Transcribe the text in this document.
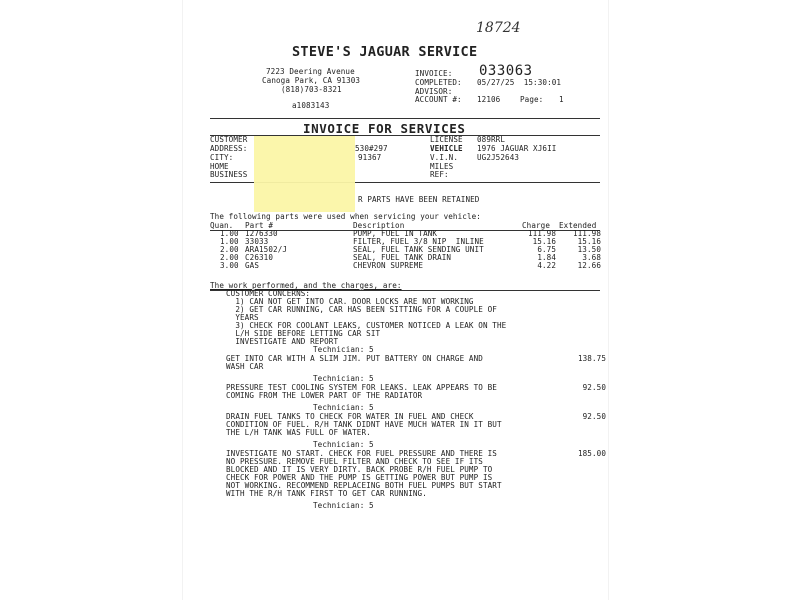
18724
STEVE'S JAGUAR SERVICE
7223 Deering Avenue
Canoga Park, CA 91303
(818)703-8321
a1083143
INVOICE: 033063
COMPLETED: 05/27/25  15:30:01
ADVISOR:
ACCOUNT #: 12106	Page: 1
INVOICE FOR SERVICES
CUSTOMER
ADDRESS:	530#297
CITY:	91367
HOME
BUSINESS
LICENSE 089RRL
VEHICLE 1976 JAGUAR XJ6II
V.I.N. UG2J52643
MILES
REF:
R PARTS HAVE BEEN RETAINED
The following parts were used when servicing your vehicle:
Quan. Part #	Description	Charge Extended
1.00 1276330	PUMP, FUEL IN TANK	111.98 111.98
1.00 33033	FILTER, FUEL 3/8 NIP  INLINE	15.16	15.16
2.00 ARA1502/J	SEAL, FUEL TANK SENDING UNIT	6.75	13.50
2.00 C26310	SEAL, FUEL TANK DRAIN	1.84	3.68
3.00 GAS	CHEVRON SUPREME	4.22	12.66
The work performed, and the charges, are:
CUSTOMER CONCERNS:
1) CAN NOT GET INTO CAR. DOOR LOCKS ARE NOT WORKING
2) GET CAR RUNNING, CAR HAS BEEN SITTING FOR A COUPLE OF
YEARS
3) CHECK FOR COOLANT LEAKS, CUSTOMER NOTICED A LEAK ON THE
L/H SIDE BEFORE LETTING CAR SIT
INVESTIGATE AND REPORT
Technician: 5
GET INTO CAR WITH A SLIM JIM. PUT BATTERY ON CHARGE AND	138.75
WASH CAR
Technician: 5
PRESSURE TEST COOLING SYSTEM FOR LEAKS. LEAK APPEARS TO BE	92.50
COMING FROM THE LOWER PART OF THE RADIATOR
Technician: 5
DRAIN FUEL TANKS TO CHECK FOR WATER IN FUEL AND CHECK	92.50
CONDITION OF FUEL. R/H TANK DIDNT HAVE MUCH WATER IN IT BUT
THE L/H TANK WAS FULL OF WATER.
Technician: 5
INVESTIGATE NO START. CHECK FOR FUEL PRESSURE AND THERE IS	185.00
NO PRESSURE. REMOVE FUEL FILTER AND CHECK TO SEE IF ITS
BLOCKED AND IT IS VERY DIRTY. BACK PROBE R/H FUEL PUMP TO
CHECK FOR POWER AND THE PUMP IS GETTING POWER BUT PUMP IS
NOT WORKING. RECOMMEND REPLACEING BOTH FUEL PUMPS BUT START
WITH THE R/H TANK FIRST TO GET CAR RUNNING.
Technician: 5
